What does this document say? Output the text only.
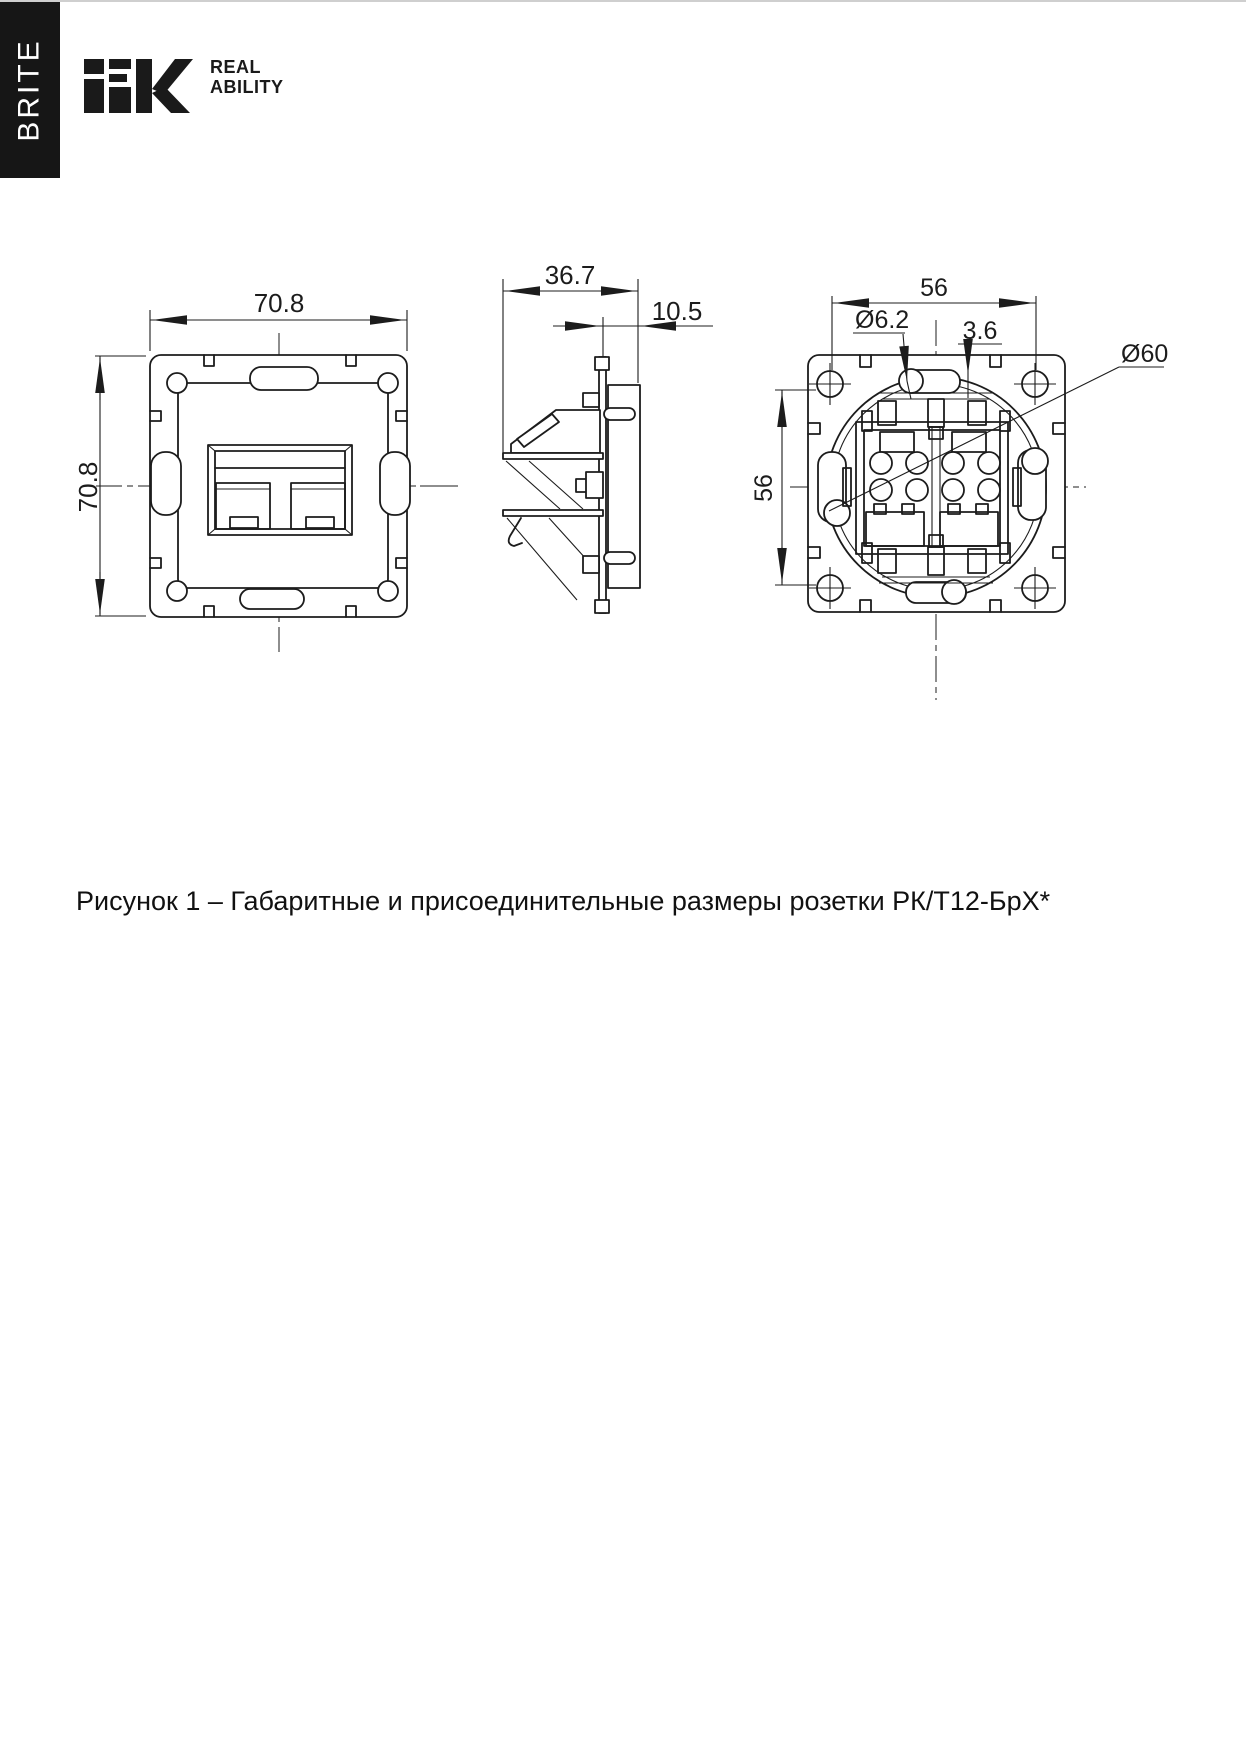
BRITE	REAL
ABILITY
70.8
70.8
36.7
10.5
56
56
Ø6.2 3.6
Ø60
Рисунок 1 – Габаритные и присоединительные размеры розетки РК/Т12-БрХ*
